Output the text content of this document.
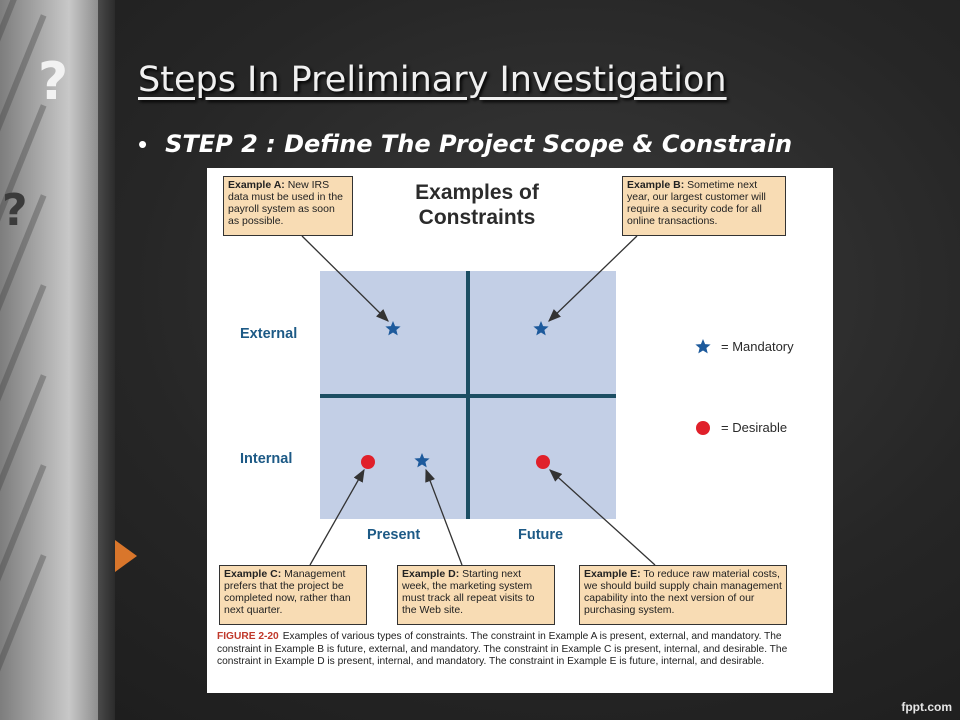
?
?
Steps In Preliminary Investigation
• STEP 2 : Define The Project Scope & Constrain
Examples of
Constraints
External
Internal
Present	Future
= Mandatory
= Desirable
Example A: New IRS data must be used in the payroll system as soon as possible.
Example B: Sometime next year, our largest customer will require a security code for all online transactions.
Example C: Management prefers that the project be completed now, rather than next quarter.
Example D: Starting next week, the marketing system must track all repeat visits to the Web site.
Example E: To reduce raw material costs, we should build supply chain management capability into the next version of our purchasing system.
FIGURE 2-20 Examples of various types of constraints. The constraint in Example A is present, external, and mandatory. The constraint in Example B is future, external, and mandatory. The constraint in Example C is present, internal, and desirable. The constraint in Example D is present, internal, and mandatory. The constraint in Example E is future, internal, and desirable.
fppt.com
